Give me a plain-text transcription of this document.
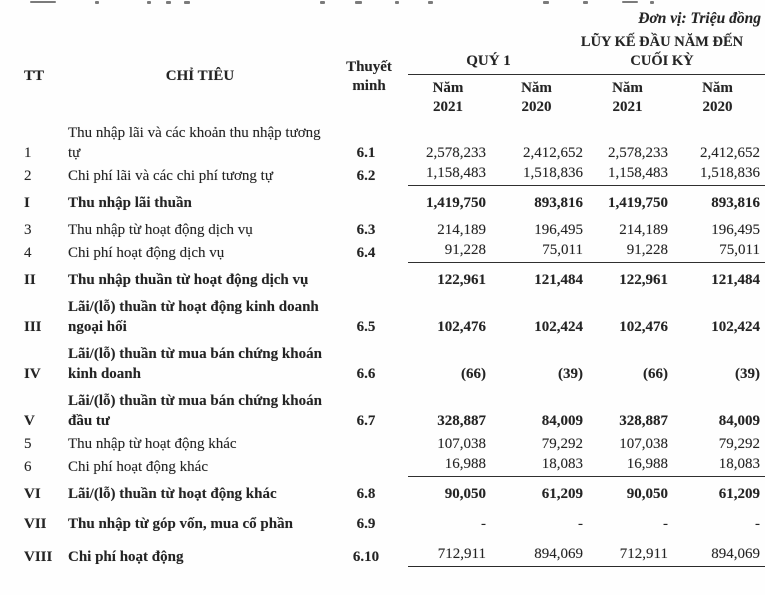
Đơn vị: Triệu đồng
TT	CHỈ TIÊU	Thuyết minh	QUÝ 1		LŨY KẾ ĐẦU NĂM ĐẾN CUỐI KỲ	
			Năm 2021	Năm 2020	Năm 2021	Năm 2020
1	Thu nhập lãi và các khoản thu nhập tương tự	6.1	2,578,233	2,412,652	2,578,233	2,412,652
2	Chi phí lãi và các chi phí tương tự	6.2	1,158,483	1,518,836	1,158,483	1,518,836
I	Thu nhập lãi thuần		1,419,750	893,816	1,419,750	893,816
3	Thu nhập từ hoạt động dịch vụ	6.3	214,189	196,495	214,189	196,495
4	Chi phí hoạt động dịch vụ	6.4	91,228	75,011	91,228	75,011
II	Thu nhập thuần từ hoạt động dịch vụ		122,961	121,484	122,961	121,484
III	Lãi/(lỗ) thuần từ hoạt động kinh doanh ngoại hối	6.5	102,476	102,424	102,476	102,424
IV	Lãi/(lỗ) thuần từ mua bán chứng khoán kinh doanh	6.6	(66)	(39)	(66)	(39)
V	Lãi/(lỗ) thuần từ mua bán chứng khoán đầu tư	6.7	328,887	84,009	328,887	84,009
5	Thu nhập từ hoạt động khác		107,038	79,292	107,038	79,292
6	Chi phí hoạt động khác		16,988	18,083	16,988	18,083
VI	Lãi/(lỗ) thuần từ hoạt động khác	6.8	90,050	61,209	90,050	61,209
VII	Thu nhập từ góp vốn, mua cổ phần	6.9	-	-	-	-
VIII	Chi phí hoạt động	6.10	712,911	894,069	712,911	894,069
